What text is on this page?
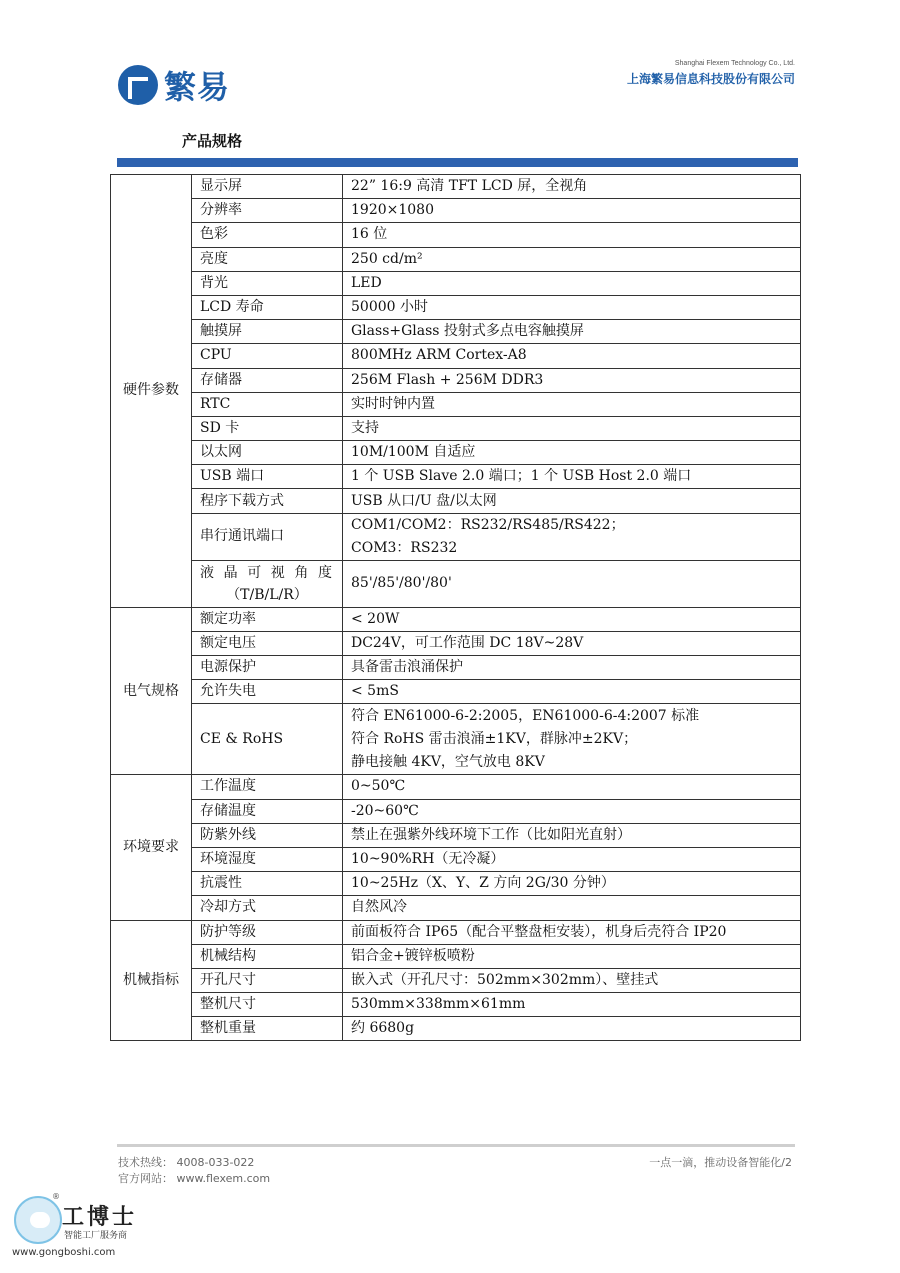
繁易
Shanghai Flexem Technology Co., Ltd.
上海繁易信息科技股份有限公司
产品规格
硬件参数	显示屏	22” 16:9 高清 TFT LCD 屏，全视角
	分辨率	1920×1080
	色彩	16 位
	亮度	250 cd/m²
	背光	LED
	LCD 寿命	50000 小时
	触摸屏	Glass+Glass 投射式多点电容触摸屏
	CPU	800MHz ARM Cortex-A8
	存储器	256M Flash + 256M DDR3
	RTC	实时时钟内置
	SD 卡	支持
	以太网	10M/100M 自适应
	USB 端口	1 个 USB Slave 2.0 端口；1 个 USB Host 2.0 端口
	程序下载方式	USB 从口/U 盘/以太网
	串行通讯端口	COM1/COM2：RS232/RS485/RS422；
COM3：RS232

	液晶可视角度
（T/B/L/R）	85'/85'/80'/80'
电气规格	额定功率	< 20W
	额定电压	DC24V，可工作范围 DC 18V~28V
	电源保护	具备雷击浪涌保护
	允许失电	< 5mS
	CE & RoHS	符合 EN61000-6-2:2005，EN61000-6-4:2007 标准
符合 RoHS 雷击浪涌±1KV，群脉冲±2KV；
静电接触 4KV，空气放电 8KV

环境要求	工作温度	0~50℃
	存储温度	-20~60℃
	防紫外线	禁止在强紫外线环境下工作（比如阳光直射）
	环境湿度	10~90%RH（无冷凝）
	抗震性	10~25Hz（X、Y、Z 方向 2G/30 分钟）
	冷却方式	自然风冷
机械指标	防护等级	前面板符合 IP65（配合平整盘柜安装），机身后壳符合 IP20
	机械结构	铝合金+镀锌板喷粉
	开孔尺寸	嵌入式（开孔尺寸：502mm×302mm）、壁挂式
	整机尺寸	530mm×338mm×61mm
	整机重量	约 6680g
技术热线： 4008-033-022
官方网站： www.flexem.com
一点一滴，推动设备智能化/2
®
工博士
智能工厂服务商
www.gongboshi.com
